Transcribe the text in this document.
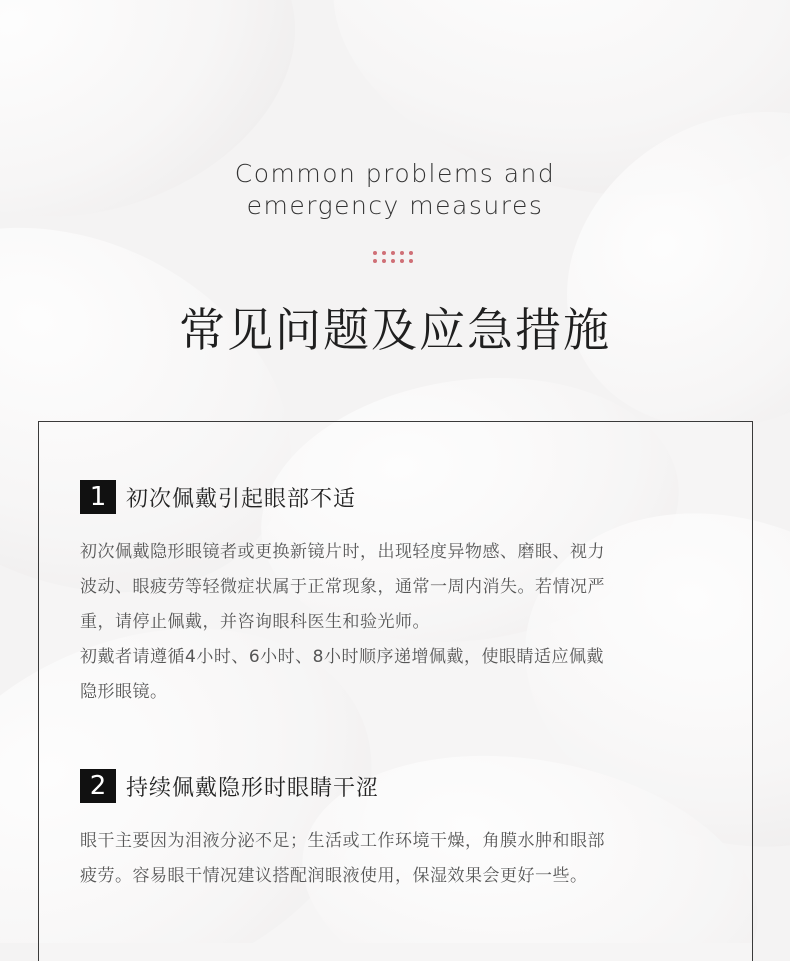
Common problems and
emergency measures
常见问题及应急措施
1 初次佩戴引起眼部不适
初次佩戴隐形眼镜者或更换新镜片时，出现轻度异物感、磨眼、视力
波动、眼疲劳等轻微症状属于正常现象，通常一周内消失。若情况严
重，请停止佩戴，并咨询眼科医生和验光师。
初戴者请遵循4小时、6小时、8小时顺序递增佩戴，使眼睛适应佩戴
隐形眼镜。
2 持续佩戴隐形时眼睛干涩
眼干主要因为泪液分泌不足；生活或工作环境干燥，角膜水肿和眼部
疲劳。容易眼干情况建议搭配润眼液使用，保湿效果会更好一些。
